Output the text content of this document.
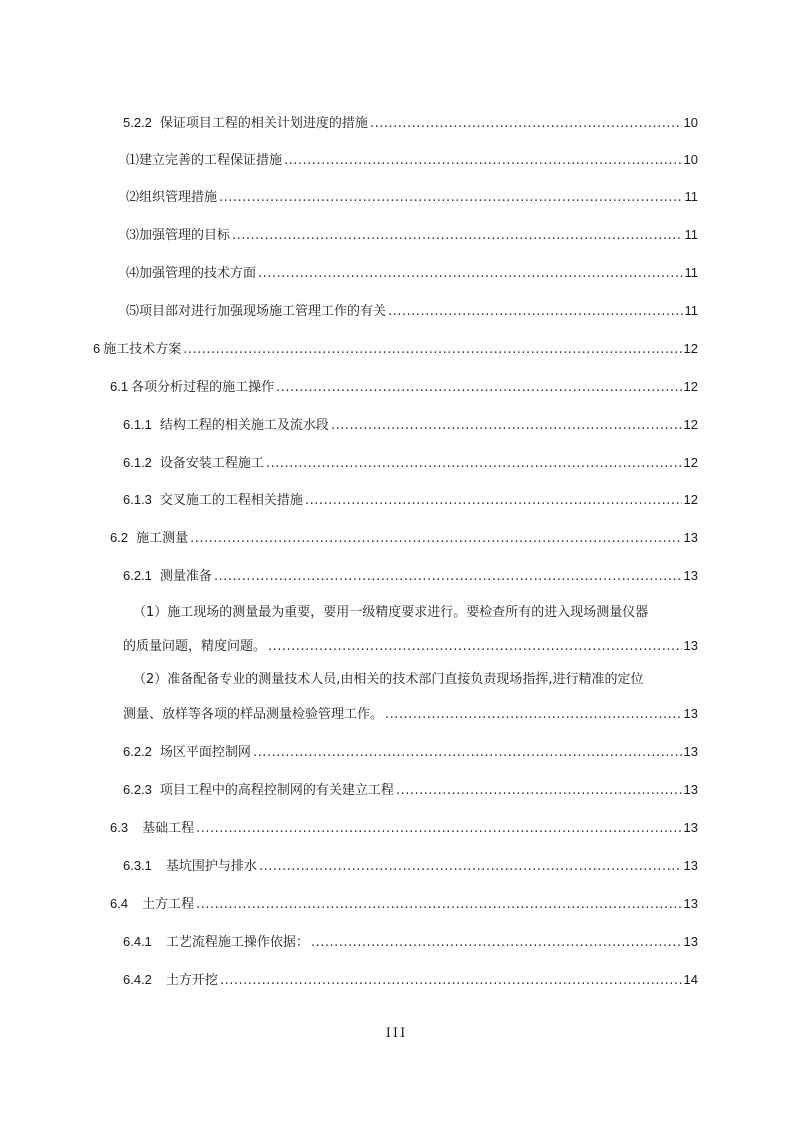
5.2.2 保证项目工程的相关计划进度的措施 .....	10
⑴建立完善的工程保证措施 .....	10
⑵组织管理措施 .....	11
⑶加强管理的目标 .....	11
⑷加强管理的技术方面 .....	11
⑸项目部对进行加强现场施工管理工作的有关 .....	11
6 施工技术方案 .....	12
6.1 各项分析过程的施工操作 .....	12
6.1.1 结构工程的相关施工及流水段 .....	12
6.1.2 设备安装工程施工 .....	12
6.1.3 交叉施工的工程相关措施 .....	12
6.2 施工测量 .....	13
6.2.1 测量准备 .....	13
（1）施工现场的测量最为重要，要用一级精度要求进行。要检查所有的进入现场测量仪器
的质量问题，精度问题。 .....	13
（2）准备配备专业的测量技术人员,由相关的技术部门直接负责现场指挥,进行精准的定位
测量、放样等各项的样品测量检验管理工作。 .....	13
6.2.2 场区平面控制网 .....	13
6.2.3 项目工程中的高程控制网的有关建立工程 .....	13
6.3 基础工程 .....	13
6.3.1 基坑围护与排水 .....	13
6.4 土方工程 .....	13
6.4.1 工艺流程施工操作依据： .....	13
6.4.2 土方开挖 .....	14
III
